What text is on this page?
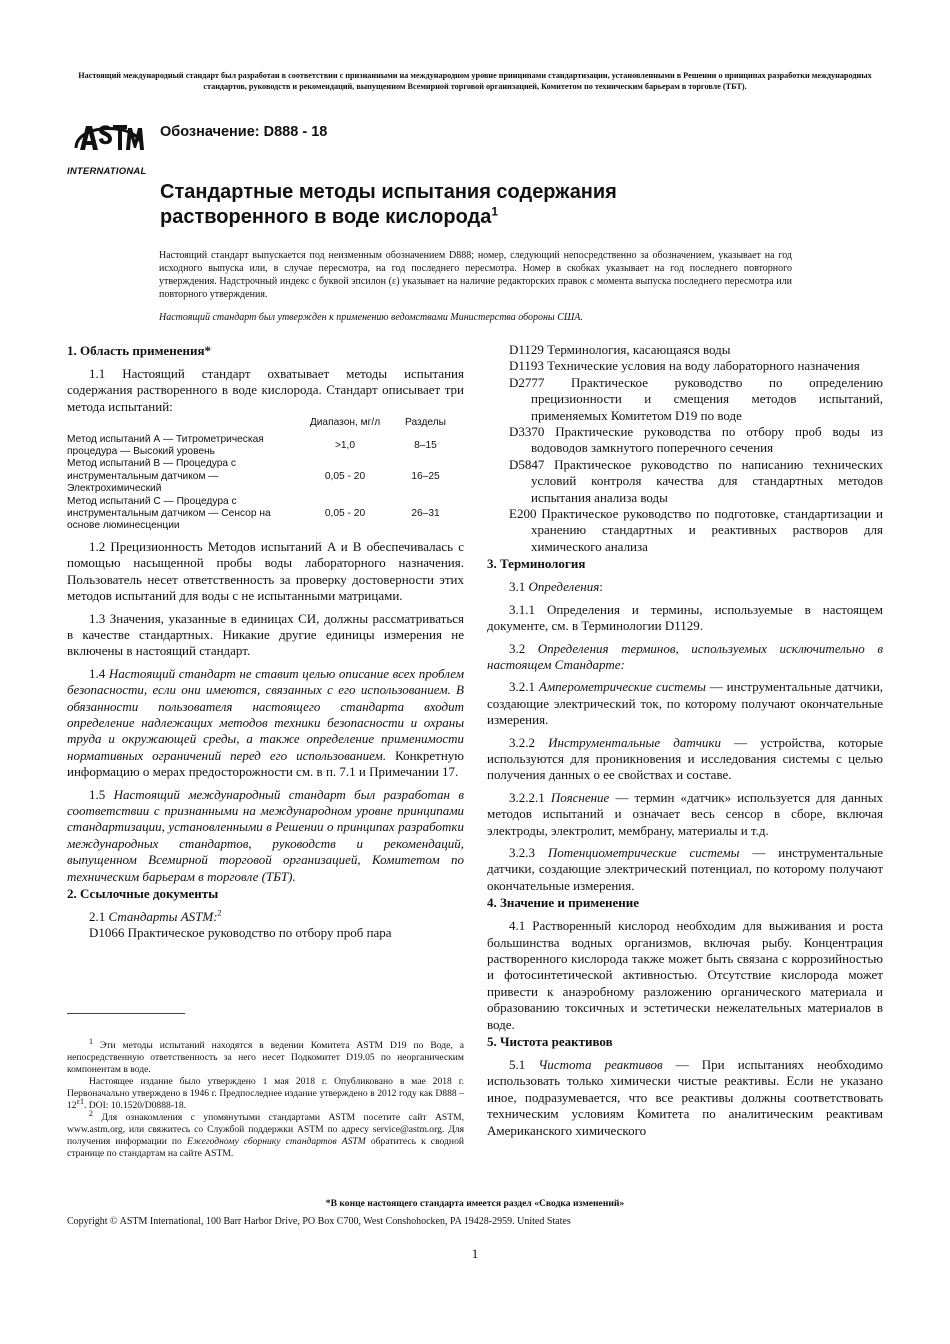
Настоящий международный стандарт был разработан в соответствии с признанными на международном уровне принципами стандартизации, установленными в Решении о принципах разработки международных стандартов, руководств и рекомендаций, выпущенном Всемирной торговой организацией, Комитетом по техническим барьерам в торговле (ТБТ).
INTERNATIONAL
Обозначение: D888 - 18
Стандартные методы испытания содержания
растворенного в воде кислорода$^1$
Настоящий стандарт выпускается под неизменным обозначением D888; номер, следующий непосредственно за обозначением, указывает на год исходного выпуска или, в случае пересмотра, на год последнего пересмотра. Номер в скобках указывает на год последнего повторного утверждения. Надстрочный индекс с буквой эпсилон (ε) указывает на наличие редакторских правок с момента выпуска последнего пересмотра или повторного утверждения.
Настоящий стандарт был утвержден к применению ведомствами Министерства обороны США.
1. Область применения*

1.1 Настоящий стандарт охватывает методы испытания содержания растворенного в воде кислорода. Стандарт описывает три метода испытаний:

	Диапазон, мг/л	Разделы
Метод испытаний А — Титрометрическая процедура — Высокий уровень	>1,0	8–15
Метод испытаний В — Процедура с инструментальным датчиком — Электрохимический	0,05 - 20	16–25
Метод испытаний С — Процедура с инструментальным датчиком — Сенсор на основе люминесценции	0,05 - 20	26–31

1.2 Прецизионность Методов испытаний A и B обеспечивалась с помощью насыщенной пробы воды лабораторного назначения. Пользователь несет ответственность за проверку достоверности этих методов испытаний для воды с не испытанными матрицами.

1.3 Значения, указанные в единицах СИ, должны рассматриваться в качестве стандартных. Никакие другие единицы измерения не включены в настоящий стандарт.

1.4 Настоящий стандарт не ставит целью описание всех проблем безопасности, если они имеются, связанных с его использованием. В обязанности пользователя настоящего стандарта входит определение надлежащих методов техники безопасности и охраны труда и окружающей среды, а также определение применимости нормативных ограничений перед его использованием. Конкретную информацию о мерах предосторожности см. в п. 7.1 и Примечании 17.

1.5 Настоящий международный стандарт был разработан в соответствии с признанными на международном уровне принципами стандартизации, установленными в Решении о принципах разработки международных стандартов, руководств и рекомендаций, выпущенном Всемирной торговой организацией, Комитетом по техническим барьерам в торговле (ТБТ).

2. Ссылочные документы

2.1 Стандарты ASTM:$^2$

D1066 Практическое руководство по отбору проб пара

D1129 Терминология, касающаяся воды

D1193 Технические условия на воду лабораторного назначения

D2777 Практическое руководство по определению прецизионности и смещения методов испытаний, применяемых Комитетом D19 по воде

D3370 Практические руководства по отбору проб воды из водоводов замкнутого поперечного сечения

D5847 Практическое руководство по написанию технических условий контроля качества для стандартных методов испытания анализа воды

E200 Практическое руководство по подготовке, стандартизации и хранению стандартных и реактивных растворов для химического анализа

3. Терминология

3.1 Определения:

3.1.1 Определения и термины, используемые в настоящем документе, см. в Терминологии D1129.

3.2 Определения терминов, используемых исключительно в настоящем Стандарте:

3.2.1 Амперометрические системы — инструментальные датчики, создающие электрический ток, по которому получают окончательные измерения.

3.2.2 Инструментальные датчики — устройства, которые используются для проникновения и исследования системы с целью получения данных о ее свойствах и составе.

3.2.2.1 Пояснение — термин «датчик» используется для данных методов испытаний и означает весь сенсор в сборе, включая электроды, электролит, мембрану, материалы и т.д.

3.2.3 Потенциометрические системы — инструментальные датчики, создающие электрический потенциал, по которому получают окончательные измерения.

4. Значение и применение

4.1 Растворенный кислород необходим для выживания и роста большинства водных организмов, включая рыбу. Концентрация растворенного кислорода также может быть связана с коррозийностью и фотосинтетической активностью. Отсутствие кислорода может привести к анаэробному разложению органического материала и образованию токсичных и эстетически нежелательных материалов в воде.

5. Чистота реактивов

5.1 Чистота реактивов — При испытаниях необходимо использовать только химически чистые реактивы. Если не указано иное, подразумевается, что все реактивы должны соответствовать техническим условиям Комитета по аналитическим реактивам Американского химического

$^1$ Эти методы испытаний находятся в ведении Комитета ASTM D19 по Воде, а непосредственную ответственность за него несет Подкомитет D19.05 по неорганическим компонентам в воде.

Настоящее издание было утверждено 1 мая 2018 г. Опубликовано в мае 2018 г. Первоначально утверждено в 1946 г. Предпоследнее издание утверждено в 2012 году как D888 – 12$^{\varepsilon 1}$. DOI: 10.1520/D0888-18.

$^2$ Для ознакомления с упомянутыми стандартами ASTM посетите сайт ASTM, www.astm.org, или свяжитесь со Службой поддержки ASTM по адресу service@astm.org. Для получения информации по Ежегодному сборнику стандартов ASTM обратитесь к сводной странице по стандартам на сайте ASTM.

*В конце настоящего стандарта имеется раздел «Сводка изменений»
Copyright © ASTM International, 100 Barr Harbor Drive, PO Box C700, West Conshohocken, PA 19428-2959. United States
1
